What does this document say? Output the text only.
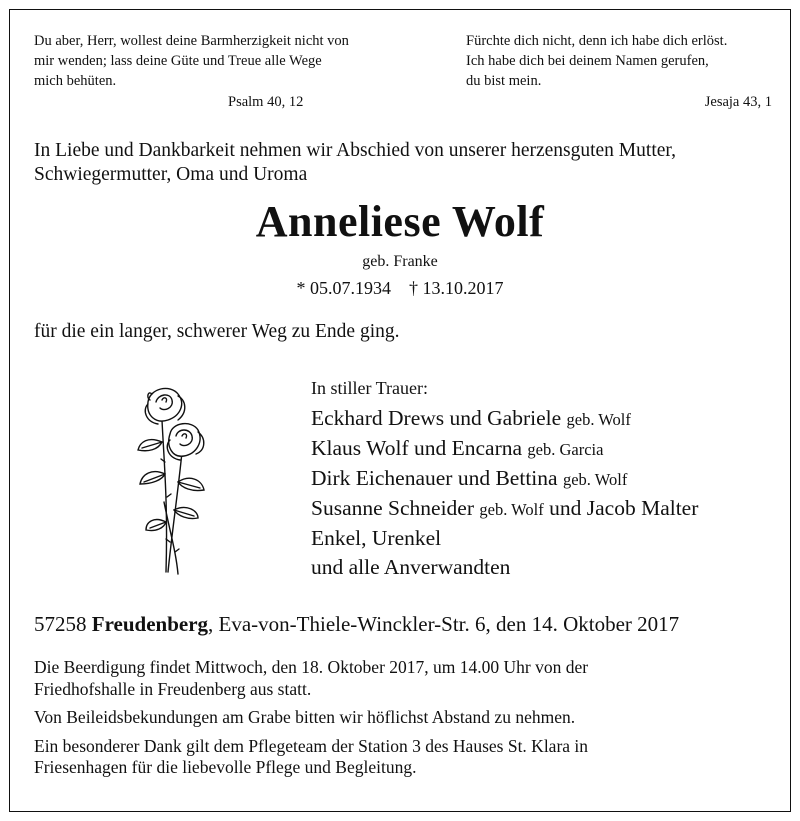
Du aber, Herr, wollest deine Barmherzigkeit nicht von

mir wenden; lass deine Güte und Treue alle Wege

mich behüten.

Psalm 40, 12

Fürchte dich nicht, denn ich habe dich erlöst.

Ich habe dich bei deinem Namen gerufen,

du bist mein.

Jesaja 43, 1

In Liebe und Dankbarkeit nehmen wir Abschied von unserer herzensguten Mutter,

Schwiegermutter, Oma und Uroma

Anneliese Wolf
geb. Franke
* 05.07.1934    † 13.10.2017
für die ein langer, schwerer Weg zu Ende ging.
In stiller Trauer:
Eckhard Drews und Gabriele geb. Wolf
Klaus Wolf und Encarna geb. Garcia
Dirk Eichenauer und Bettina geb. Wolf
Susanne Schneider geb. Wolf und Jacob Malter
Enkel, Urenkel
und alle Anverwandten
57258 Freudenberg, Eva-von-Thiele-Winckler-Str. 6, den 14. Oktober 2017

Die Beerdigung findet Mittwoch, den 18. Oktober 2017, um 14.00 Uhr von der

Friedhofshalle in Freudenberg aus statt.

Von Beileidsbekundungen am Grabe bitten wir höflichst Abstand zu nehmen.

Ein besonderer Dank gilt dem Pflegeteam der Station 3 des Hauses St. Klara in

Friesenhagen für die liebevolle Pflege und Begleitung.
